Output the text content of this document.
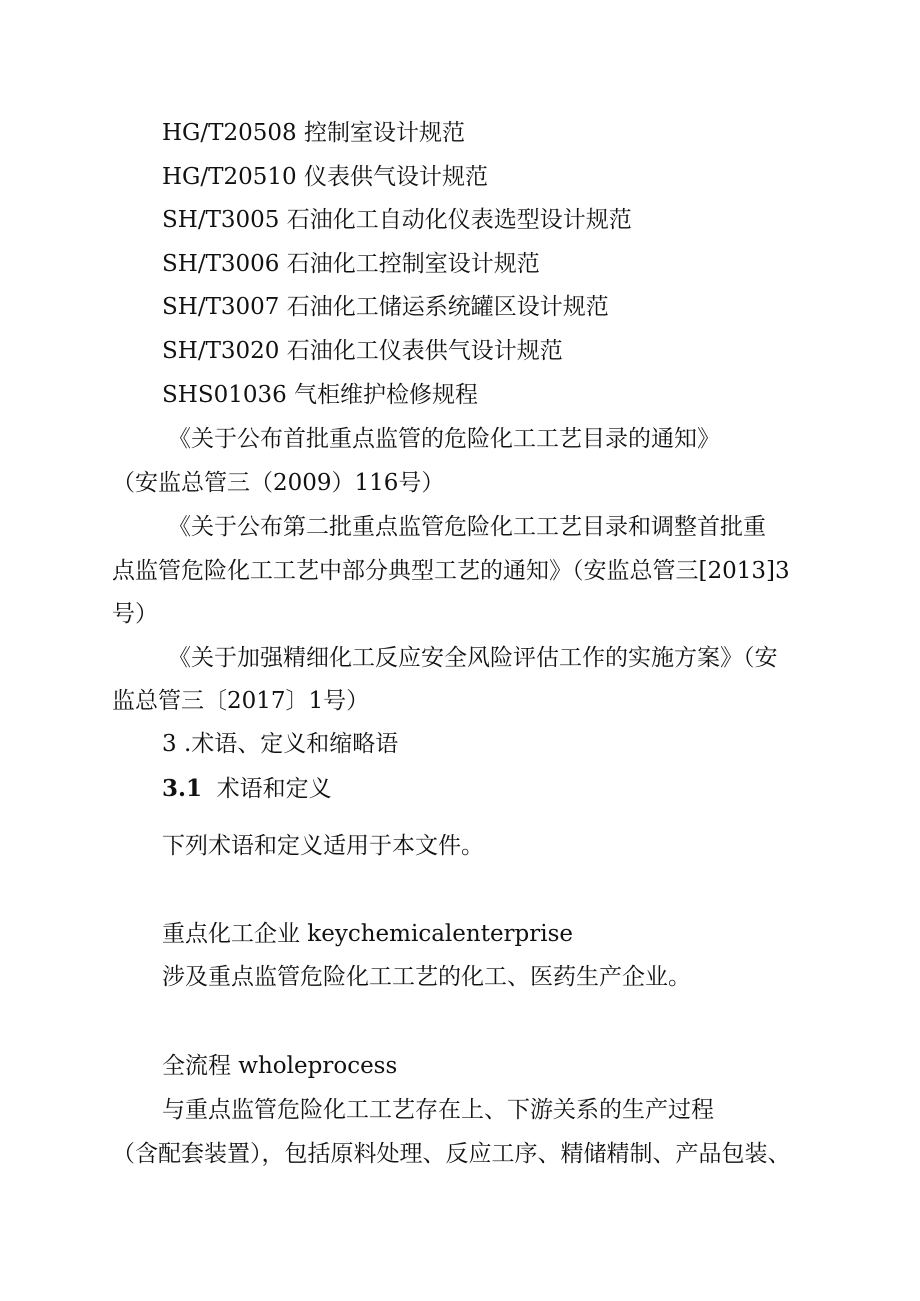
HG/T20508 控制室设计规范
HG/T20510 仪表供气设计规范
SH/T3005 石油化工自动化仪表选型设计规范
SH/T3006 石油化工控制室设计规范
SH/T3007 石油化工储运系统罐区设计规范
SH/T3020 石油化工仪表供气设计规范
SHS01036 气柜维护检修规程
《关于公布首批重点监管的危险化工工艺目录的通知》
（安监总管三（2009）116号）
《关于公布第二批重点监管危险化工工艺目录和调整首批重
点监管危险化工工艺中部分典型工艺的通知》（安监总管三[2013]3
号）
《关于加强精细化工反应安全风险评估工作的实施方案》（安
监总管三〔2017〕1号）
3 .术语、定义和缩略语
3.1 术语和定义
下列术语和定义适用于本文件。
重点化工企业 keychemicalenterprise
涉及重点监管危险化工工艺的化工、医药生产企业。
全流程 wholeprocess
与重点监管危险化工工艺存在上、下游关系的生产过程
（含配套装置），包括原料处理、反应工序、精储精制、产品包装、
